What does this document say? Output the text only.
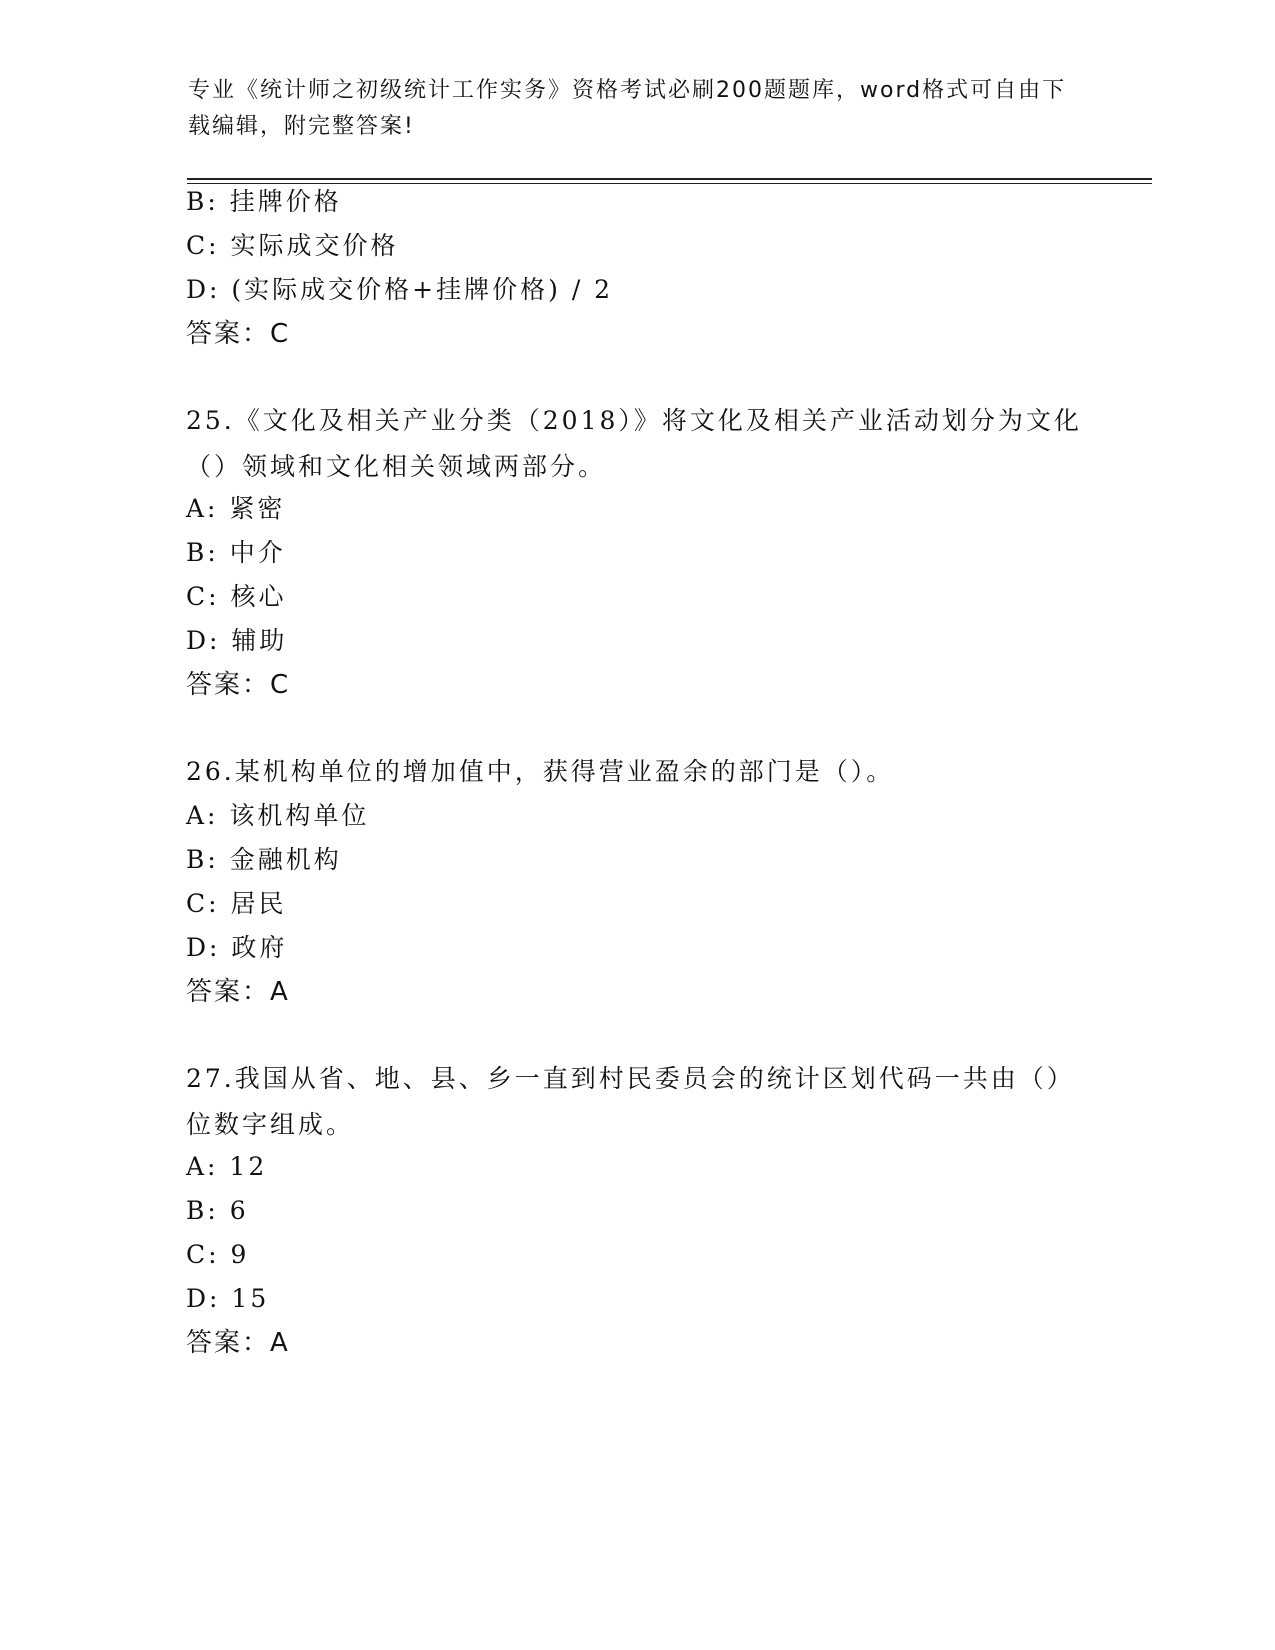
专业《统计师之初级统计工作实务》资格考试必刷200题题库，word格式可自由下载编辑，附完整答案!
B: 挂牌价格
C: 实际成交价格
D: (实际成交价格+挂牌价格) / 2
答案：C
25.《文化及相关产业分类（2018）》将文化及相关产业活动划分为文化（）领域和文化相关领域两部分。
A: 紧密
B: 中介
C: 核心
D: 辅助
答案：C
26.某机构单位的增加值中，获得营业盈余的部门是（）。
A: 该机构单位
B: 金融机构
C: 居民
D: 政府
答案：A
27.我国从省、地、县、乡一直到村民委员会的统计区划代码一共由（）位数字组成。
A: 12
B: 6
C: 9
D: 15
答案：A
